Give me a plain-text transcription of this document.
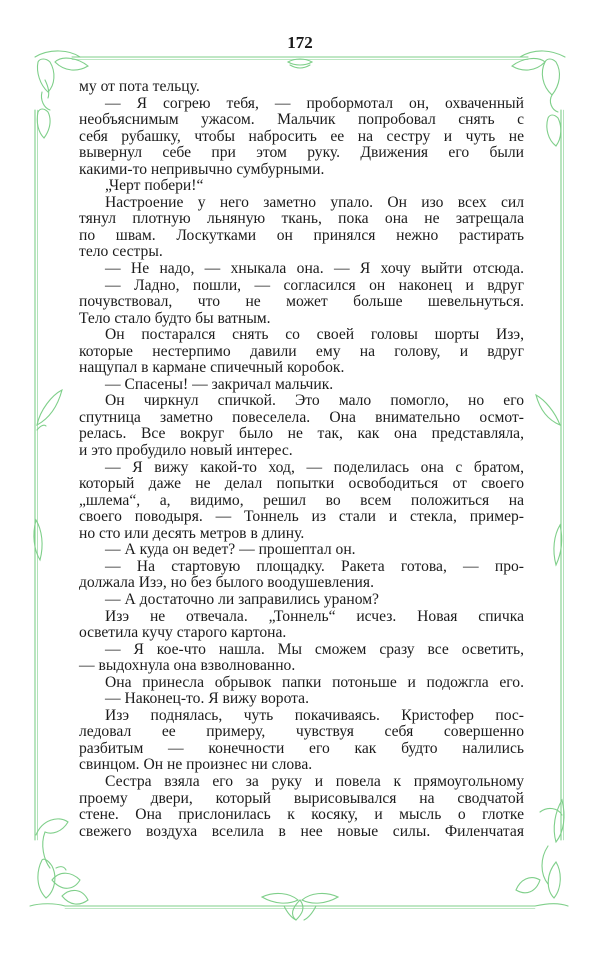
172
му от пота тельцу.
— Я согрею тебя, — пробормотал он, охваченный
необъяснимым ужасом. Мальчик попробовал снять с
себя рубашку, чтобы набросить ее на сестру и чуть не
вывернул себе при этом руку. Движения его были
какими-то непривычно сумбурными.
„Черт побери!“
Настроение у него заметно упало. Он изо всех сил
тянул плотную льняную ткань, пока она не затрещала
по швам. Лоскутками он принялся нежно растирать
тело сестры.
— Не надо, — хныкала она. — Я хочу выйти отсюда.
— Ладно, пошли, — согласился он наконец и вдруг
почувствовал, что не может больше шевельнуться.
Тело стало будто бы ватным.
Он постарался снять со своей головы шорты Изэ,
которые нестерпимо давили ему на голову, и вдруг
нащупал в кармане спичечный коробок.
— Спасены! — закричал мальчик.
Он чиркнул спичкой. Это мало помогло, но его
спутница заметно повеселела. Она внимательно осмот-
релась. Все вокруг было не так, как она представляла,
и это пробудило новый интерес.
— Я вижу какой-то ход, — поделилась она с братом,
который даже не делал попытки освободиться от своего
„шлема“, а, видимо, решил во всем положиться на
своего поводыря. — Тоннель из стали и стекла, пример-
но сто или десять метров в длину.
— А куда он ведет? — прошептал он.
— На стартовую площадку. Ракета готова, — про-
должала Изэ, но без былого воодушевления.
— А достаточно ли заправились ураном?
Изэ не отвечала. „Тоннель“ исчез. Новая спичка
осветила кучу старого картона.
— Я кое-что нашла. Мы сможем сразу все осветить,
— выдохнула она взволнованно.
Она принесла обрывок папки потоньше и подожгла его.
— Наконец-то. Я вижу ворота.
Изэ поднялась, чуть покачиваясь. Кристофер пос-
ледовал ее примеру, чувствуя себя совершенно
разбитым — конечности его как будто налились
свинцом. Он не произнес ни слова.
Сестра взяла его за руку и повела к прямоугольному
проему двери, который вырисовывался на сводчатой
стене. Она прислонилась к косяку, и мысль о глотке
свежего воздуха вселила в нее новые силы. Филенчатая
